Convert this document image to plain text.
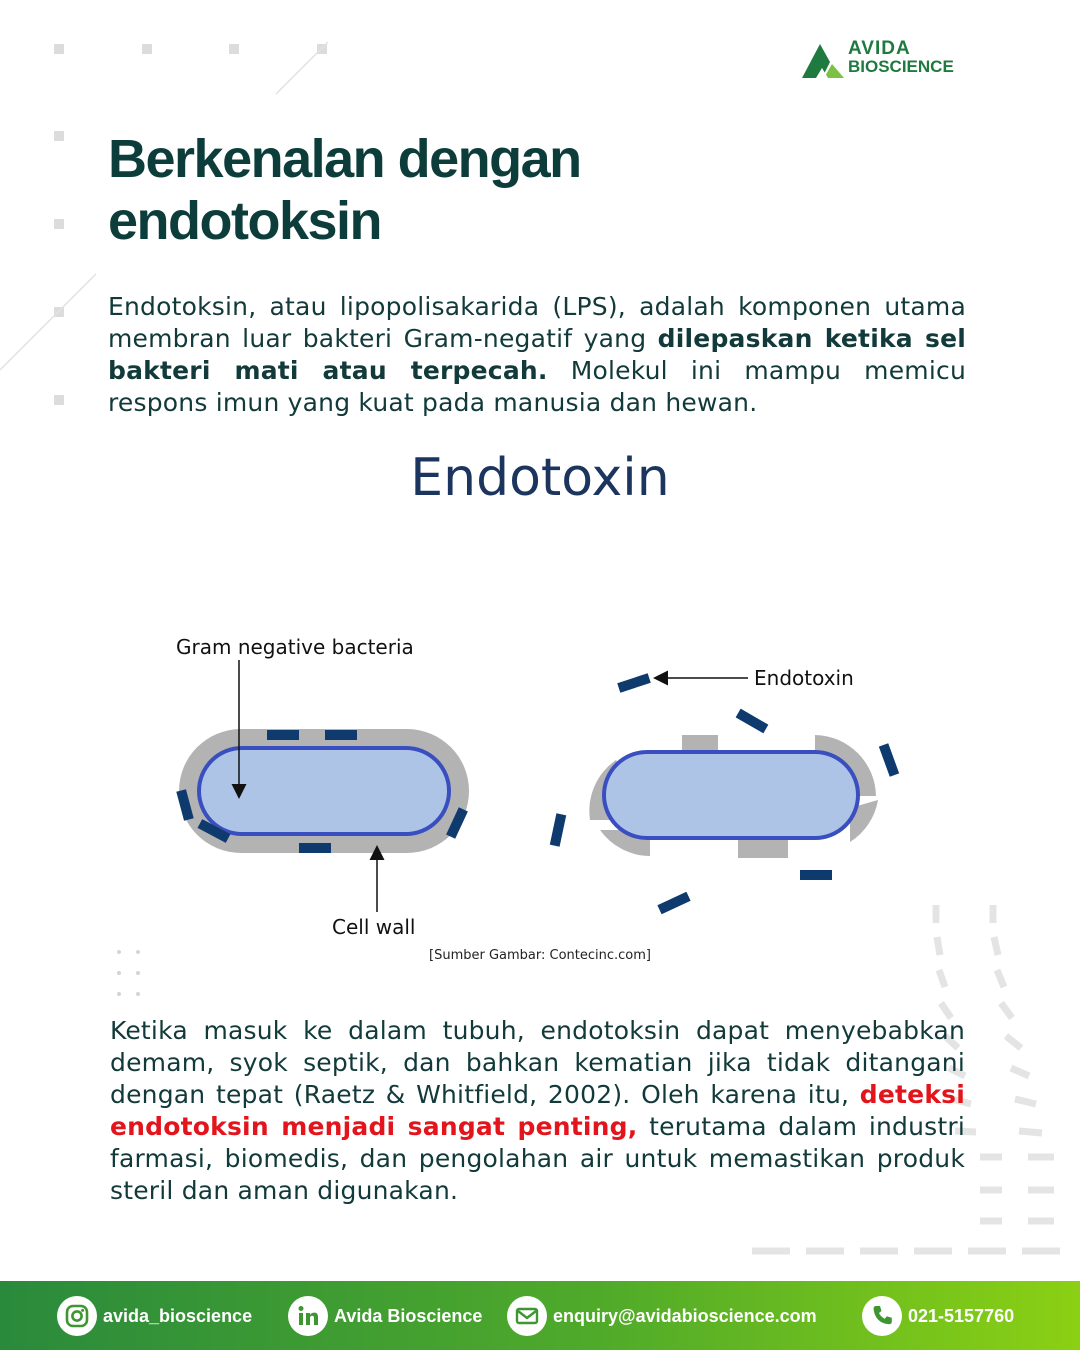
AVIDA
BIOSCIENCE
Berkenalan dengan
endotoksin

Endotoksin, atau lipopolisakarida (LPS), adalah komponen utama membran luar bakteri Gram-negatif yang dilepaskan ketika sel bakteri mati atau terpecah. Molekul ini mampu memicu respons imun yang kuat pada manusia dan hewan.

Endotoxin
Gram negative bacteria
Cell wall
Endotoxin
[Sumber Gambar: Contecinc.com]

Ketika masuk ke dalam tubuh, endotoksin dapat menyebabkan demam, syok septik, dan bahkan kematian jika tidak ditangani dengan tepat (Raetz & Whitfield, 2002). Oleh karena itu, deteksi endotoksin menjadi sangat penting, terutama dalam industri farmasi, biomedis, dan pengolahan air untuk memastikan produk steril dan aman digunakan.

avida_bioscience	Avida Bioscience	enquiry@avidabioscience.com	021-5157760
